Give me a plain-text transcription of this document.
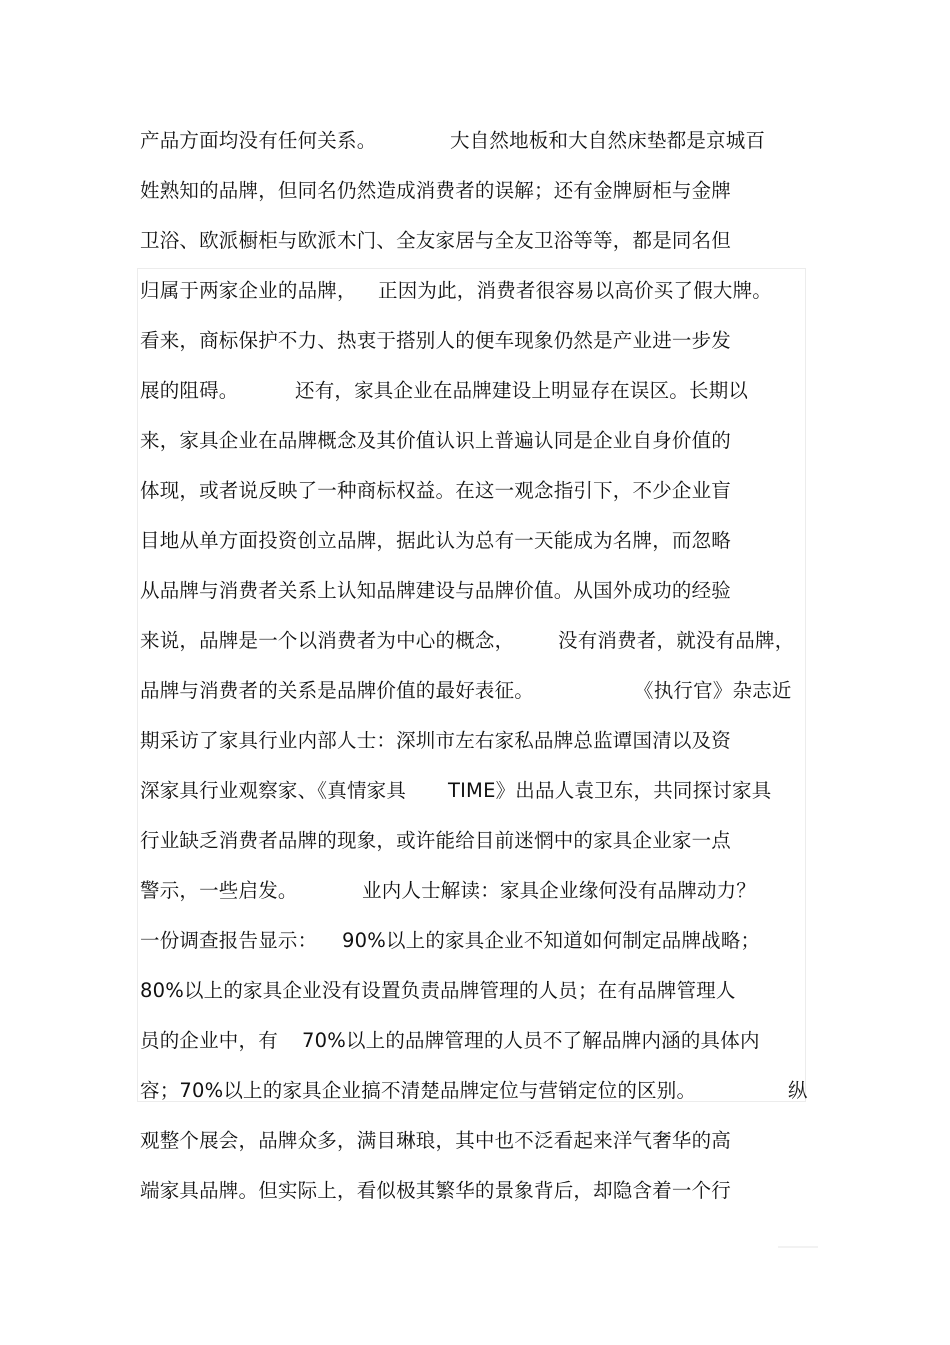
产品方面均没有任何关系。	大自然地板和大自然床垫都是京城百
姓熟知的品牌，但同名仍然造成消费者的误解；还有金牌厨柜与金牌
卫浴、欧派橱柜与欧派木门、全友家居与全友卫浴等等，都是同名但
归属于两家企业的品牌， 正因为此，消费者很容易以高价买了假大牌。
看来，商标保护不力、热衷于搭别人的便车现象仍然是产业进一步发
展的阻碍。	还有，家具企业在品牌建设上明显存在误区。长期以
来，家具企业在品牌概念及其价值认识上普遍认同是企业自身价值的
体现，或者说反映了一种商标权益。在这一观念指引下，不少企业盲
目地从单方面投资创立品牌，据此认为总有一天能成为名牌，而忽略
从品牌与消费者关系上认知品牌建设与品牌价值。从国外成功的经验
来说，品牌是一个以消费者为中心的概念， 没有消费者，就没有品牌，
品牌与消费者的关系是品牌价值的最好表征。	《执行官》杂志近
期采访了家具行业内部人士：深圳市左右家私品牌总监谭国清以及资
深家具行业观察家、《真情家具 TIME》出品人袁卫东，共同探讨家具
行业缺乏消费者品牌的现象，或许能给目前迷惘中的家具企业家一点
警示，一些启发。	业内人士解读：家具企业缘何没有品牌动力？
一份调查报告显示： 90%以上的家具企业不知道如何制定品牌战略；
80%以上的家具企业没有设置负责品牌管理的人员；在有品牌管理人
员的企业中，有 70%以上的品牌管理的人员不了解品牌内涵的具体内
容；70%以上的家具企业搞不清楚品牌定位与营销定位的区别。	纵
观整个展会，品牌众多，满目琳琅，其中也不泛看起来洋气奢华的高
端家具品牌。但实际上，看似极其繁华的景象背后，却隐含着一个行
